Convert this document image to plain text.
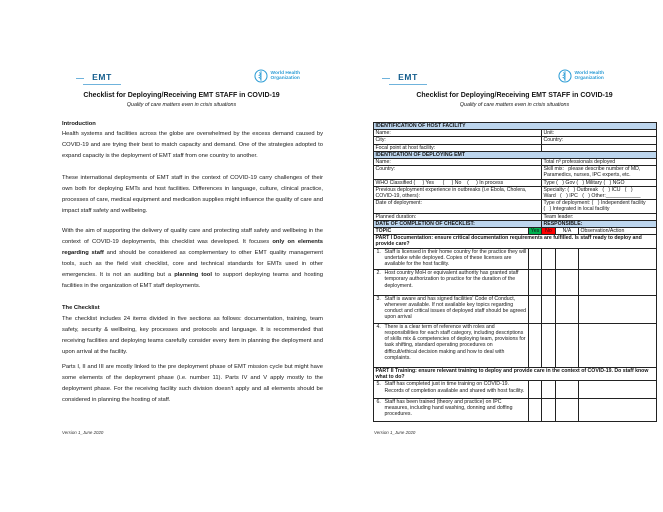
EMT	World Health
Organization
Checklist for Deploying/Receiving EMT STAFF in COVID-19
Quality of care matters even in crisis situations
Introduction
Health systems and facilities across the globe are overwhelmed by the excess demand caused by COVID-19 and are trying their best to match capacity and demand. One of the strategies adopted to expand capacity is the deployment of EMT staff from one country to another.
These international deployments of EMT staff in the context of COVID-19 carry challenges of their own both for deploying EMTs and host facilities. Differences in language, culture, clinical practice, processes of care, medical equipment and medication supplies might influence the quality of care and impact staff safety and wellbeing.
With the aim of supporting the delivery of quality care and protecting staff safety and wellbeing in the context of COVID-19 deployments, this checklist was developed. It focuses only on elements regarding staff and should be considered as complementary to other EMT quality management tools, such as the field visit checklist, core and technical standards for EMTs used in other emergencies. It is not an auditing but a planning tool to support deploying teams and hosting facilities in the organization of EMT staff deployments.
The Checklist
The checklist includes 24 items divided in five sections as follows: documentation, training, team safety, security & wellbeing, key processes and protocols and language. It is recommended that receiving facilities and deploying teams carefully consider every item in planning the deployment and upon arrival at the facility.
Parts I, II and III are mostly linked to the pre deployment phase of EMT mission cycle but might have some elements of the deployment phase (i.e. number 11). Parts IV and V apply mostly to the deployment phase. For the receiving facility such division doesn't apply and all elements should be considered in planning the hosting of staff.
Version 1_June 2020
EMT	World Health
Organization
Checklist for Deploying/Receiving EMT STAFF in COVID-19
Quality of care matters even in crisis situations
IDENTIFICATION OF HOST FACILITY				
Name:		Unit:		
City:		Country:		
Focal point at host facility:				
IDENTICATION OF DEPLOYING EMT				
Name:		Total nº professionals deployed		
Country:		Skill mix:   please describe number of MD, Paramedics, nurses, IPC experts, etc.		
WHO Classified (     ) Yes      (     ) No    (     ) In process		Type (   ) Gov (   ) Military (   ) NGO		
Previous deployment experience in outbreaks (i.e Ebola, Cholera, COVID-19, others):		Specialty: (   ) Outbreak   (   ) ICU   (   ) Ward   (   ) IPC   (   ) Other:____________		
Date of deployment:		Type of deployment: (   ) Independent facility (   ) Integrated in local facility		
Planned duration:		Team leader:		
DATE OF COMPLETION OF CHECKLIST:		RESPONSIBLE:		
TOPIC	Yes	No	N/A	Observation/Action
PART I Documentation: ensure critical documentation requirements are fulfilled. Is staff ready to deploy and provide care?				

1. Staff is licensed in their home country for the practice they will undertake while deployed. Copies of these licenses are available for the host facility.				

2. Host country MoH or equivalent authority has granted staff temporary authorization to practice for the duration of the deployment.				

3. Staff is aware and has signed facilities' Code of Conduct, whenever available. If not available key topics regarding conduct and critical issues of deployed staff should be agreed upon arrival				

4. There is a clear term of reference with roles and responsibilities for each staff category, including descriptions of skills mix & competencies of deploying team, provisions for task shifting, standard operating procedures on difficult/ethical decision making and how to deal with complaints.				

PART II Training: ensure relevant training to deploy and provide care in the context of COVID-19. Do staff know what to do?				

5. Staff has completed just in time training on COVID-19. Records of completion available and shared with host facility.				

6. Staff has been trained (theory and practice) on IPC measures, including hand washing, donning and doffing procedures.				

Version 1_June 2020
